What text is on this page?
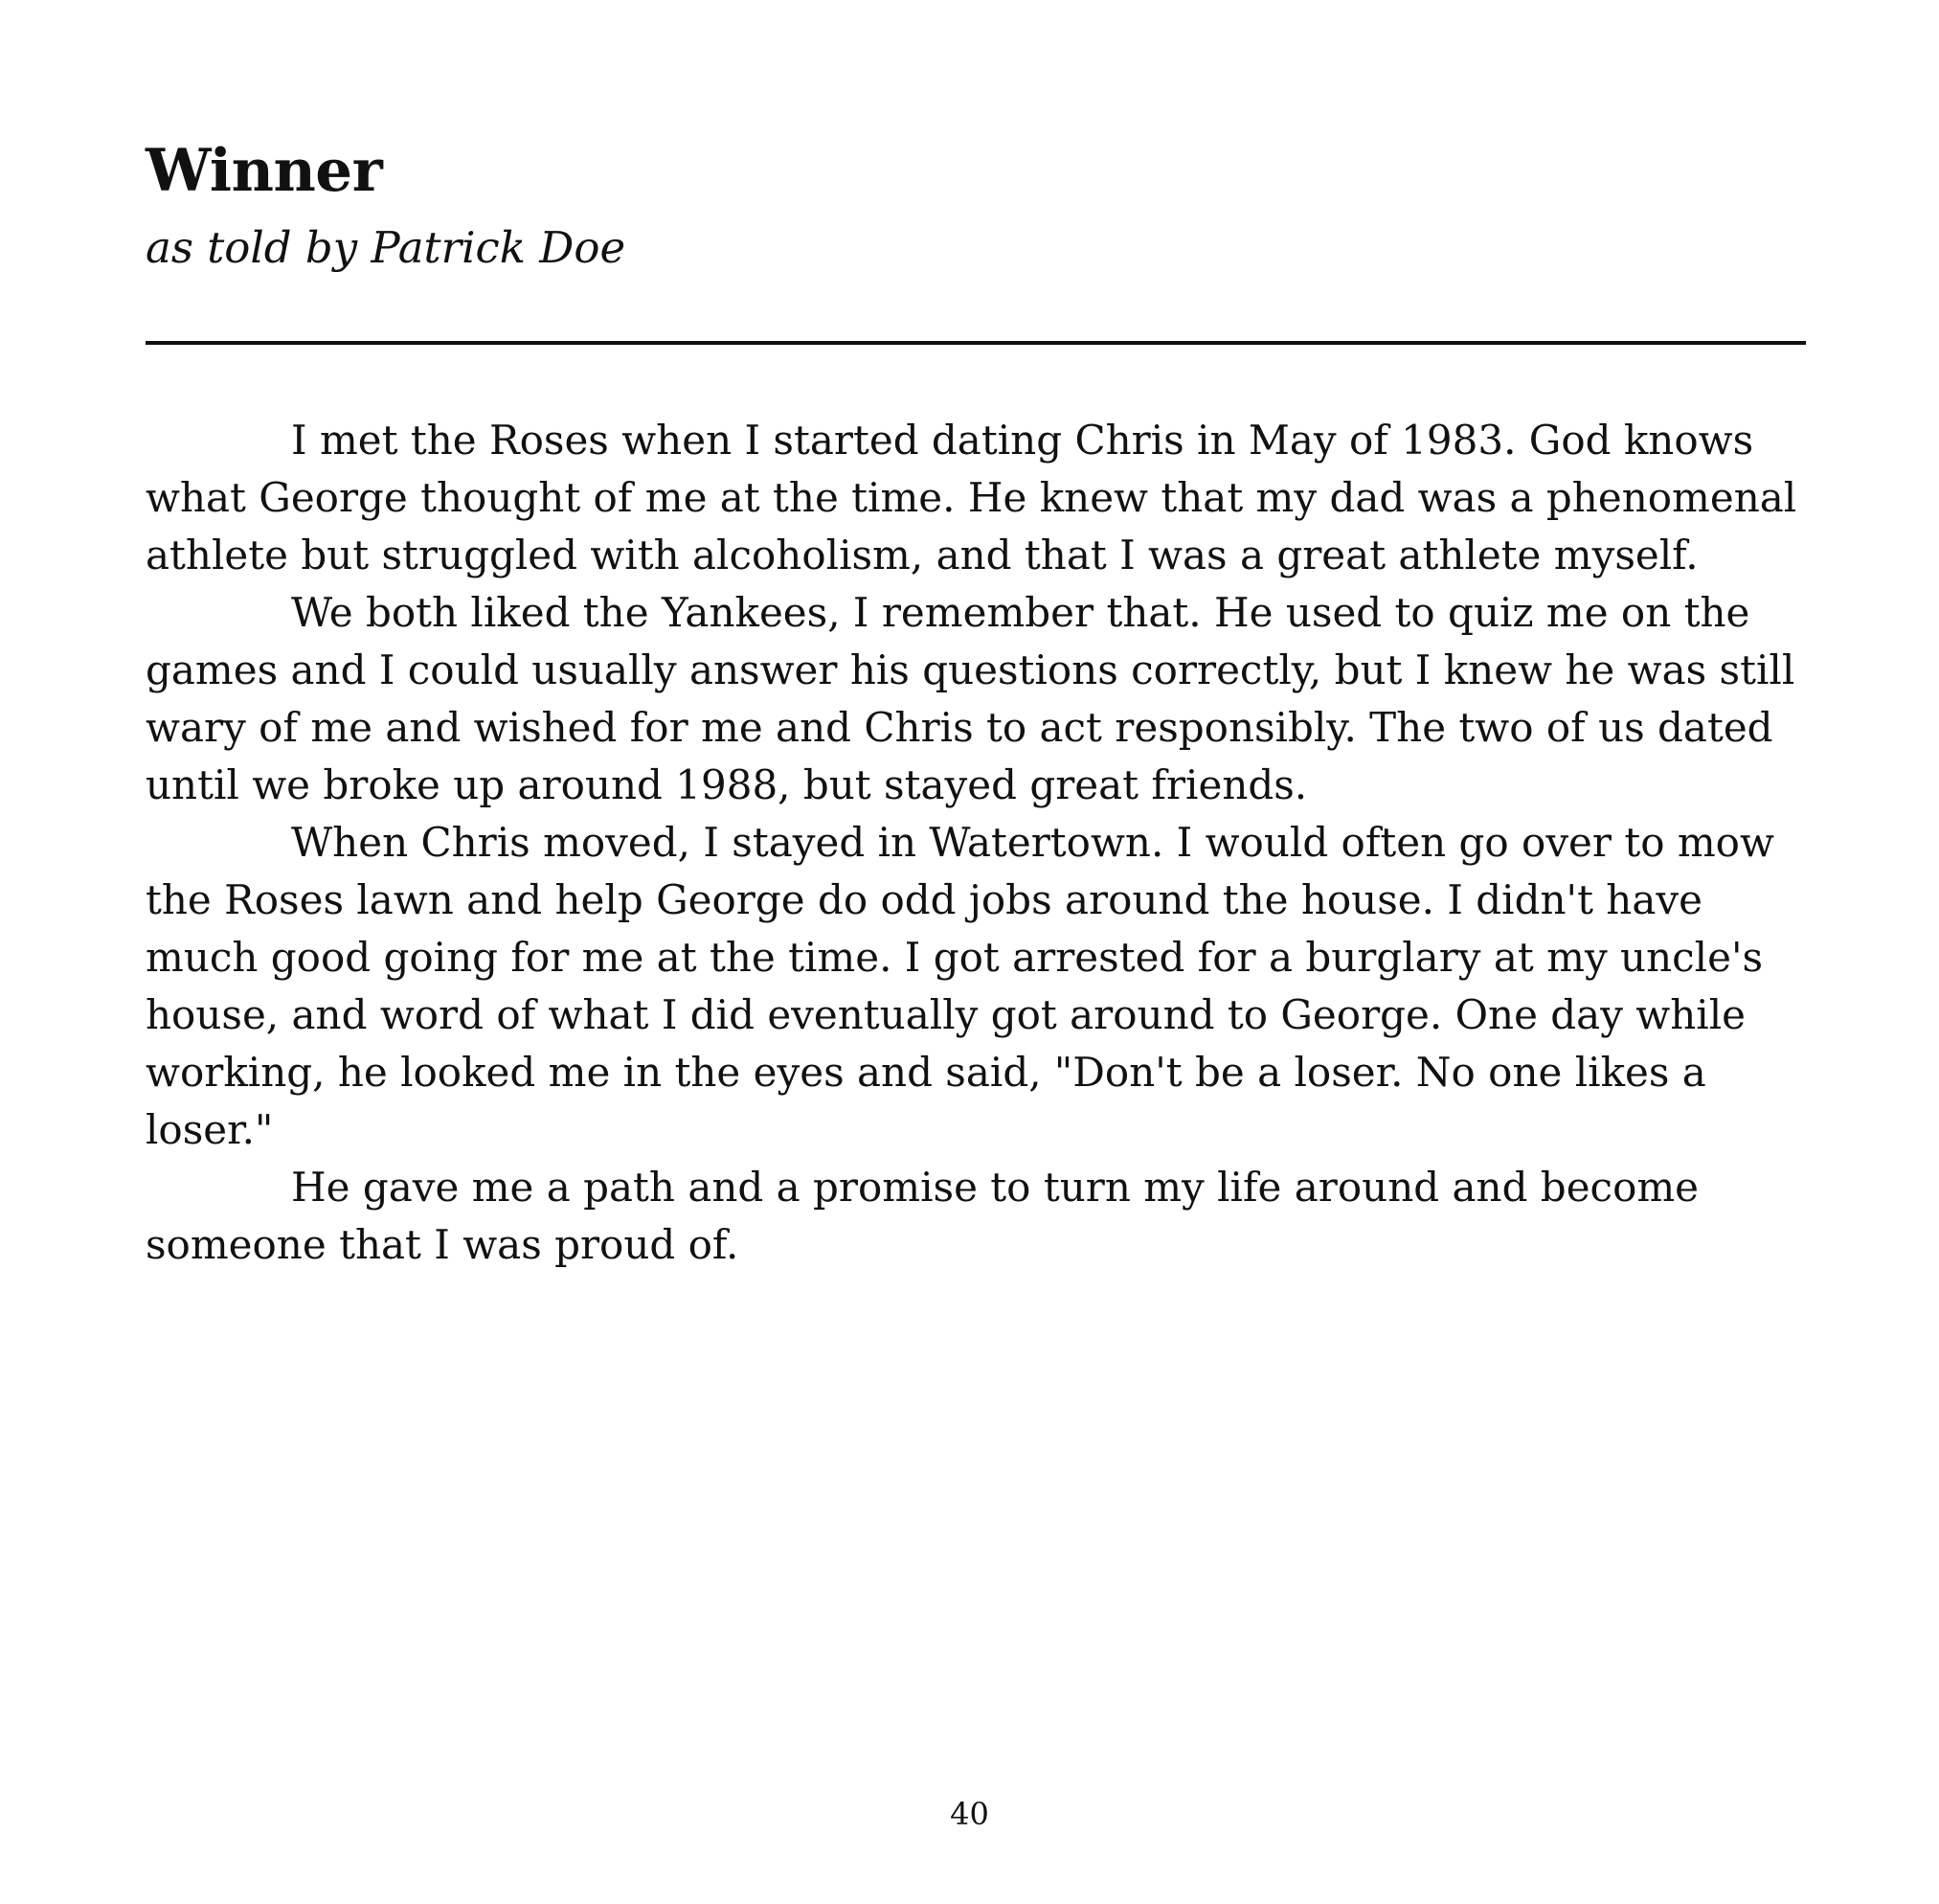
Winner
as told by Patrick Doe

I met the Roses when I started dating Chris in May of 1983. God knows what George thought of me at the time. He knew that my dad was a phenomenal athlete but struggled with alcoholism, and that I was a great athlete myself.

We both liked the Yankees, I remember that. He used to quiz me on the games and I could usually answer his questions correctly, but I knew he was still wary of me and wished for me and Chris to act responsibly. The two of us dated until we broke up around 1988, but stayed great friends.

When Chris moved, I stayed in Watertown. I would often go over to mow the Roses lawn and help George do odd jobs around the house. I didn't have much good going for me at the time. I got arrested for a burglary at my uncle's house, and word of what I did eventually got around to George. One day while working, he looked me in the eyes and said, "Don't be a loser. No one likes a loser."

He gave me a path and a promise to turn my life around and become someone that I was proud of.

40
